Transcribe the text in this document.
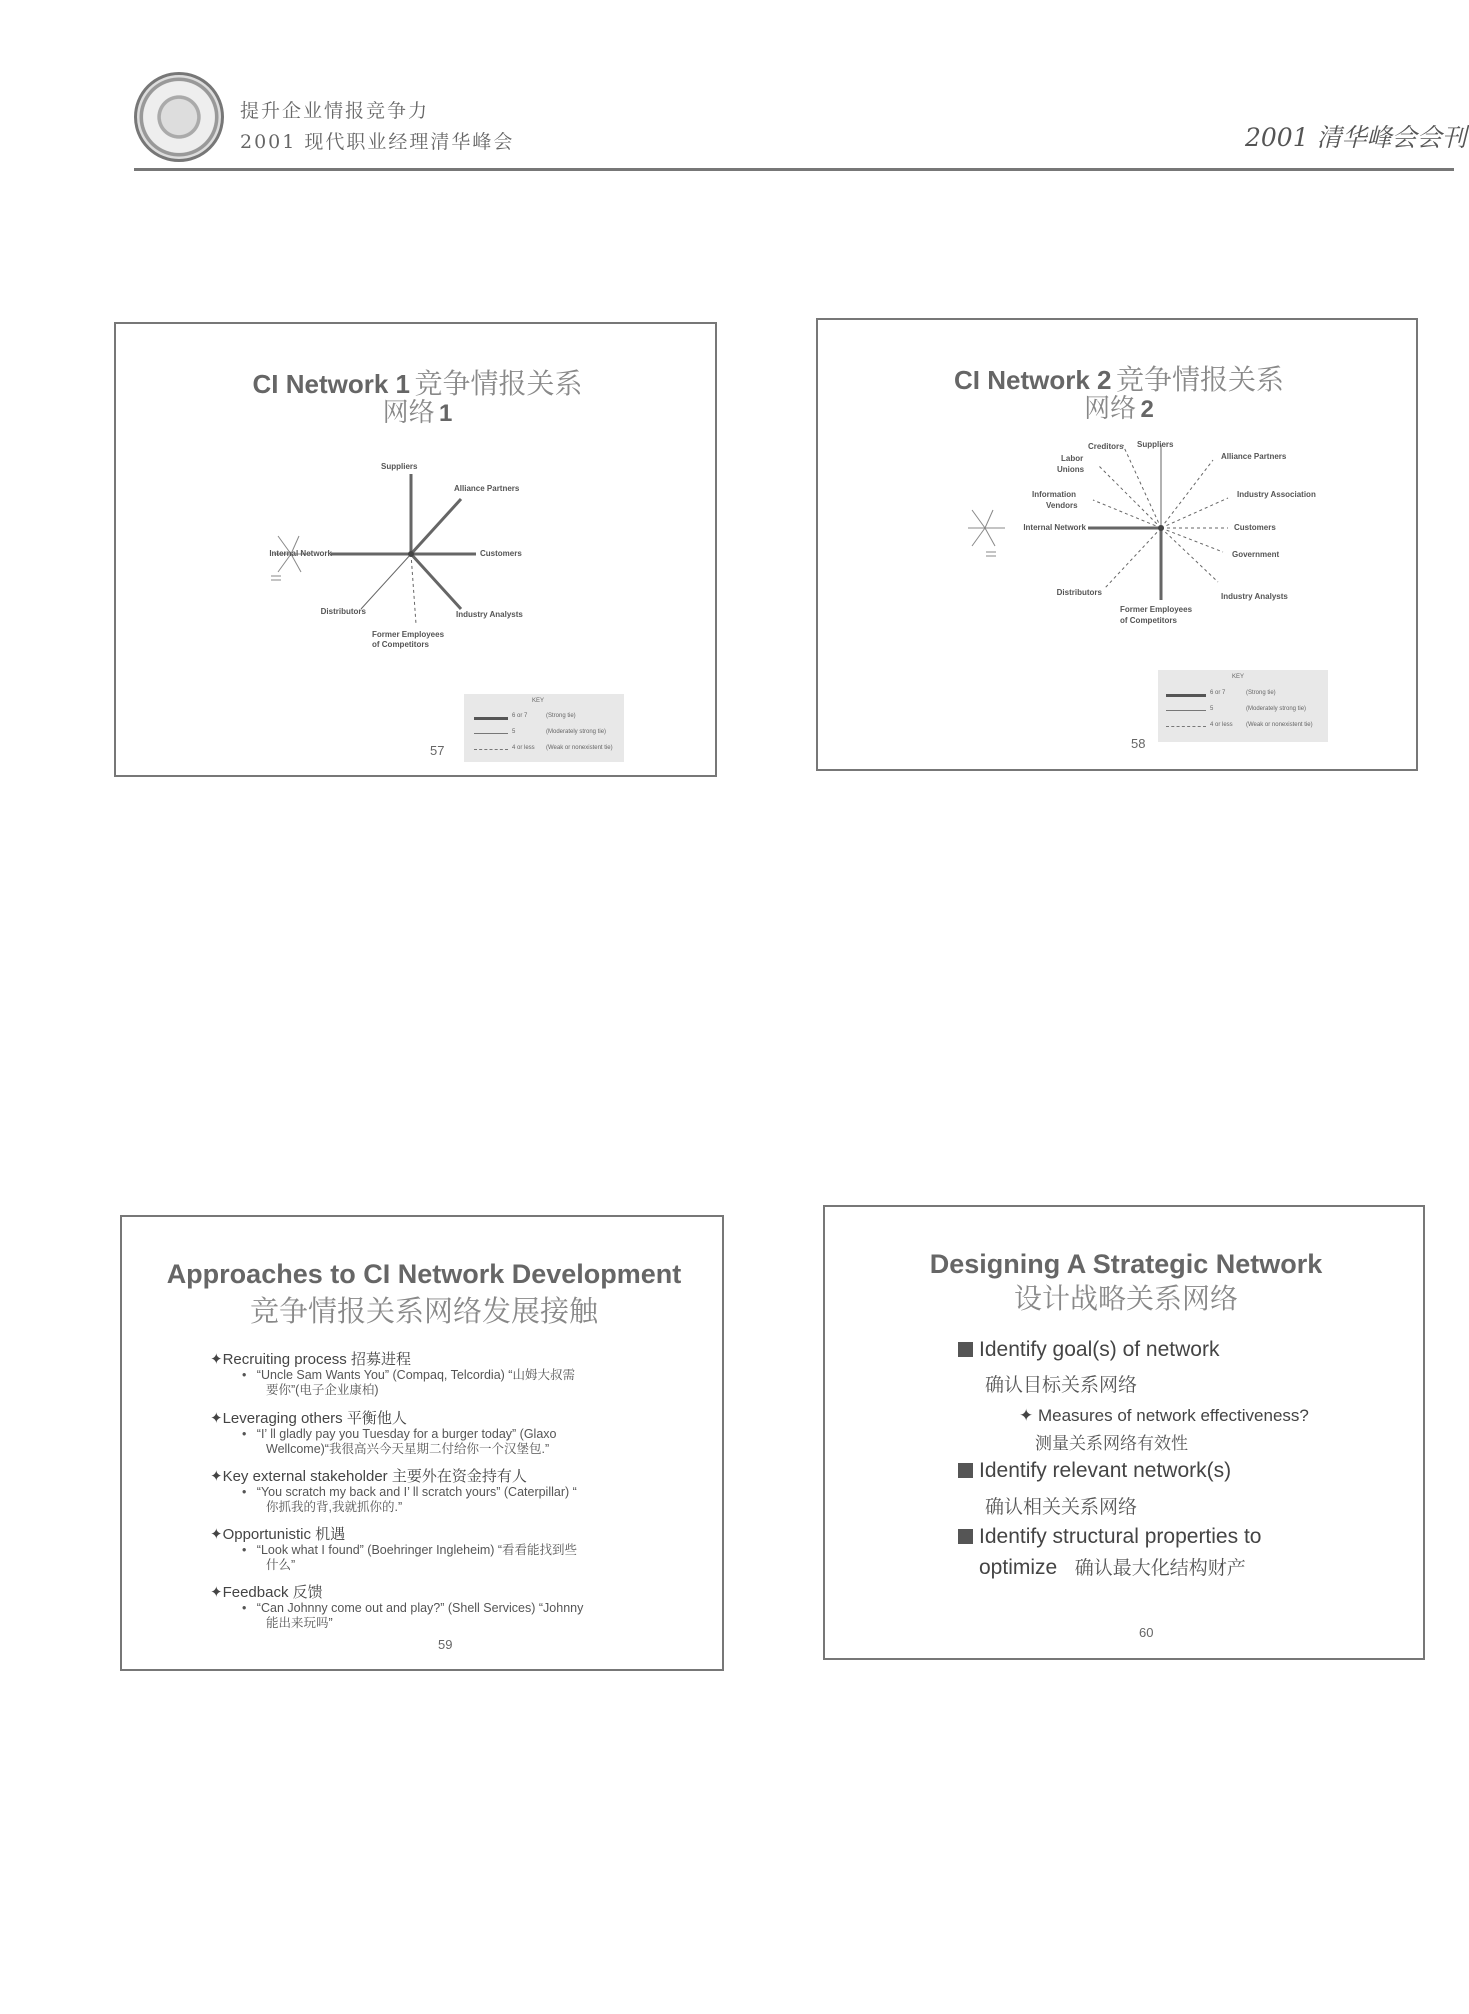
提升企业情报竞争力
2001 现代职业经理清华峰会	2001 清华峰会会刊
CI Network 1 竞争情报关系
网络 1
Suppliers
Alliance Partners
Internal Network	Customers
Distributors	Industry Analysts
Former Employees
of Competitors
KEY
6 or 7	(Strong tie)
5	(Moderately strong tie)
4 or less (Weak or nonexistent tie)
57
CI Network 2 竞争情报关系
网络 2
Creditors Suppliers
Labor
Unions
Alliance Partners
Information
Vendors
Industry Association
Internal Network	Customers
Government
Distributors	Industry Analysts
Former Employees
of Competitors
KEY
6 or 7	(Strong tie)
5	(Moderately strong tie)
4 or less (Weak or nonexistent tie)
58
Approaches to CI Network Development
竞争情报关系网络发展接触
✦Recruiting process 招募进程
•   “Uncle Sam Wants You” (Compaq, Telcordia) “山姆大叔需
要你”(电子企业康柏)
✦Leveraging others 平衡他人
•   “I’ ll gladly pay you Tuesday for a burger today” (Glaxo
Wellcome)“我很高兴今天星期二付给你一个汉堡包.”
✦Key external stakeholder 主要外在资金持有人
•   “You scratch my back and I’ ll scratch yours” (Caterpillar) “
你抓我的背,我就抓你的.”
✦Opportunistic 机遇
•   “Look what I found” (Boehringer Ingleheim) “看看能找到些
什么”
✦Feedback 反馈
•   “Can Johnny come out and play?” (Shell Services) “Johnny
能出来玩吗”
59
Designing A Strategic Network
设计战略关系网络
Identify goal(s) of network
确认目标关系网络
✦ Measures of network effectiveness?
测量关系网络有效性
Identify relevant network(s)
确认相关关系网络
Identify structural properties to
optimize 确认最大化结构财产
60
